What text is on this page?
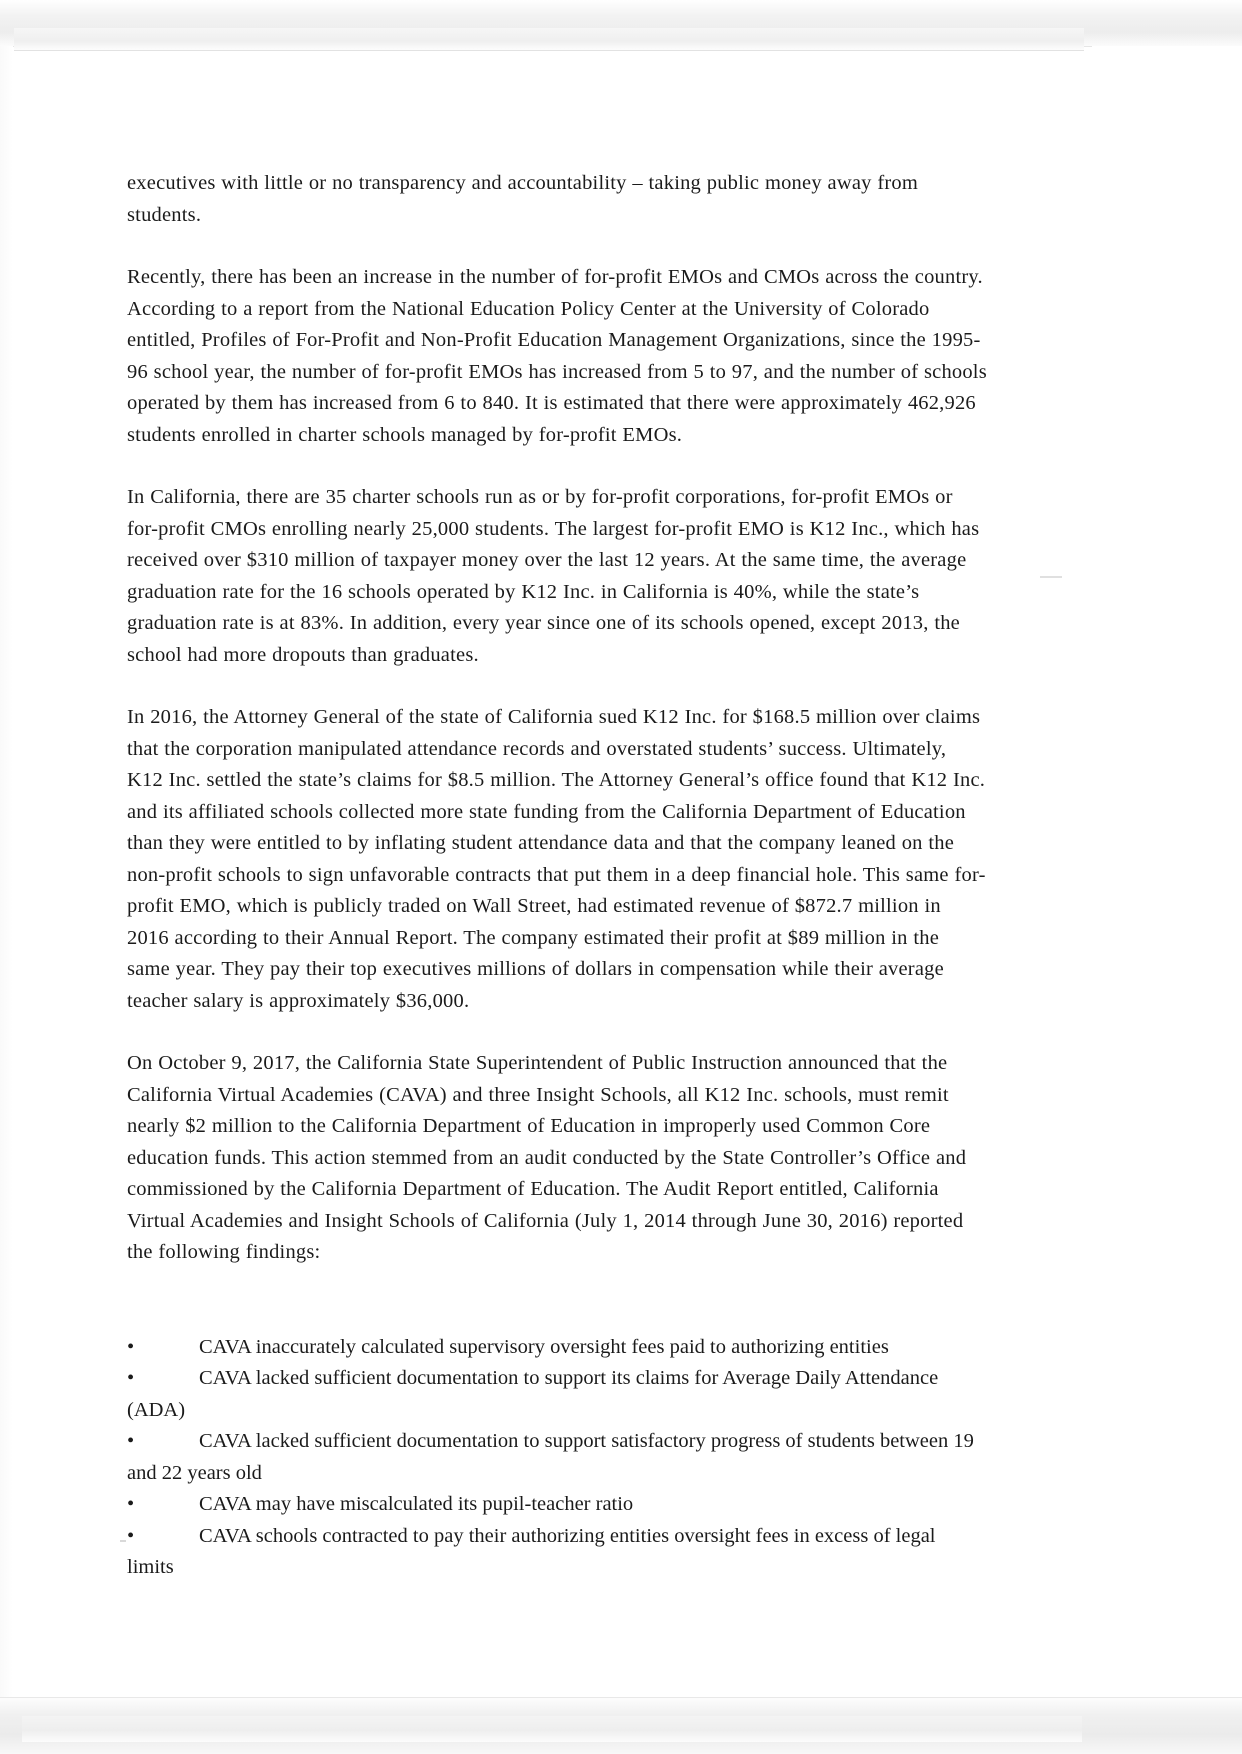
executives with little or no transparency and accountability – taking public money away from students.

Recently, there has been an increase in the number of for-profit EMOs and CMOs across the country. According to a report from the National Education Policy Center at the University of Colorado entitled, Profiles of For-Profit and Non-Profit Education Management Organizations, since the 1995-96 school year, the number of for-profit EMOs has increased from 5 to 97, and the number of schools operated by them has increased from 6 to 840. It is estimated that there were approximately 462,926 students enrolled in charter schools managed by for-profit EMOs.

In California, there are 35 charter schools run as or by for-profit corporations, for-profit EMOs or for-profit CMOs enrolling nearly 25,000 students. The largest for-profit EMO is K12 Inc., which has received over $310 million of taxpayer money over the last 12 years. At the same time, the average graduation rate for the 16 schools operated by K12 Inc. in California is 40%, while the state’s graduation rate is at 83%. In addition, every year since one of its schools opened, except 2013, the school had more dropouts than graduates.

In 2016, the Attorney General of the state of California sued K12 Inc. for $168.5 million over claims that the corporation manipulated attendance records and overstated students’ success. Ultimately, K12 Inc. settled the state’s claims for $8.5 million. The Attorney General’s office found that K12 Inc. and its affiliated schools collected more state funding from the California Department of Education than they were entitled to by inflating student attendance data and that the company leaned on the non-profit schools to sign unfavorable contracts that put them in a deep financial hole. This same for-profit EMO, which is publicly traded on Wall Street, had estimated revenue of $872.7 million in 2016 according to their Annual Report. The company estimated their profit at $89 million in the same year. They pay their top executives millions of dollars in compensation while their average teacher salary is approximately $36,000.

On October 9, 2017, the California State Superintendent of Public Instruction announced that the California Virtual Academies (CAVA) and three Insight Schools, all K12 Inc. schools, must remit nearly $2 million to the California Department of Education in improperly used Common Core education funds. This action stemmed from an audit conducted by the State Controller’s Office and commissioned by the California Department of Education. The Audit Report entitled, California Virtual Academies and Insight Schools of California (July 1, 2014 through June 30, 2016) reported the following findings:

•	CAVA inaccurately calculated supervisory oversight fees paid to authorizing entities
•	CAVA lacked sufficient documentation to support its claims for Average Daily Attendance (ADA)
•	CAVA lacked sufficient documentation to support satisfactory progress of students between 19 and 22 years old
•	CAVA may have miscalculated its pupil-teacher ratio
•	CAVA schools contracted to pay their authorizing entities oversight fees in excess of legal limits
